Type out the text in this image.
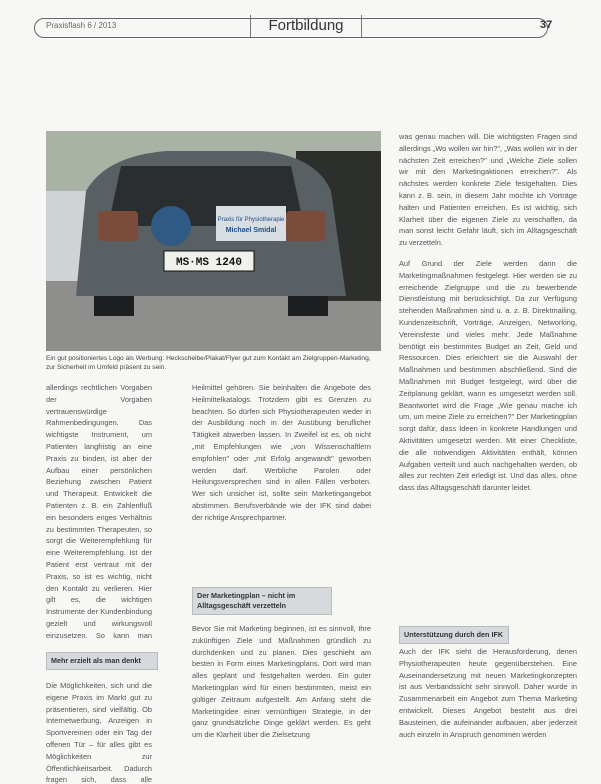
Praxisflash 6 / 2013	Fortbildung	37
Praxis für Physiotherapie
Michael Smidal
MS·MS 1240
Ein gut positioniertes Logo als Werbung: Heckscheibe/Plakat/Flyer gut zum Kontakt am Zielgruppen-Marketing, zur Sicherheit im Umfeld präsent zu sein.
allerdings rechtlichen Vorgaben der Vorgaben vertrauenswürdige Rahmenbedingungen. Das wichtigste Instrument, um Patienten langfristig an eine Praxis zu binden, ist aber der Aufbau einer persönlichen Beziehung zwischen Patient und Therapeut. Entwickelt die Patienten z. B. ein Zahlenfluß ein besonders enges Verhältnis zu bestimmten Therapeuten, so sorgt die Weiterempfehlung für eine Weiterempfehlung. Ist der Patient erst vertraut mit der Praxis, so ist es wichtig, nicht den Kontakt zu verlieren. Hier gilt es, die wichtigen Instrumente der Kundenbindung gezielt und wirkungsvoll einzusetzen. So kann man
Mehr erzielt als man denkt
Die Möglichkeiten, sich und die eigene Praxis im Markt gut zu präsentieren, sind vielfältig. Ob Internetwerbung, Anzeigen in Sportvereinen oder ein Tag der offenen Tür – für alles gibt es Möglichkeiten zur Öffentlichkeitsarbeit. Dadurch fragen sich, dass alle
Heilmittel gehören. Sie beinhalten die Angebote des Heilmittelkatalogs. Trotzdem gibt es Grenzen zu beachten. So dürfen sich Physiotherapeuten weder in der Ausbildung noch in der Ausübung beruflicher Tätigkeit abwerben lassen. In Zweifel ist es, ob nicht „mit Empfehlungen wie „von Wissenschaftlern empfohlen" oder „mit Erfolg angewandt" geworben werden darf. Werbliche Parolen oder Heilungsversprechen sind in allen Fällen verboten. Wer sich unsicher ist, sollte sein Marketingangebot abstimmen. Berufsverbände wie der IFK sind dabei der richtige Ansprechpartner.
Der Marketingplan – nicht im Alltagsgeschäft verzetteln
Bevor Sie mit Marketing beginnen, ist es sinnvoll, Ihre zukünftigen Ziele und Maßnahmen gründlich zu durchdenken und zu planen. Dies geschieht am besten in Form eines Marketingplans. Dort wird man alles geplant und festgehalten werden. Ein guter Marketingplan wird für einen bestimmten, meist ein gültiger Zeitraum aufgestellt. Am Anfang steht die Marketingidee einer vernünftigen Strategie, in der ganz grundsätzliche Dinge geklärt werden. Es geht um die Klarheit über die Zielsetzung
was genau machen will. Die wichtigsten Fragen sind allerdings „Wo wollen wir hin?", „Was wollen wir in der nächsten Zeit erreichen?" und „Welche Ziele sollen wir mit den Marketingaktionen erreichen?". Als nächstes werden konkrete Ziele festgehalten. Dies kann z. B. sein, in diesem Jahr möchte ich Vorträge halten und Patienten erreichen. Es ist wichtig, sich Klarheit über die eigenen Ziele zu verschaffen, da man sonst leicht Gefahr läuft, sich im Alltagsgeschäft zu verzetteln.
Auf Grund der Ziele werden dann die Marketingmaßnahmen festgelegt. Hier werden sie zu erreichende Zielgruppe und die zu bewerbende Dienstleistung mit berücksichtigt. Da zur Verfügung stehenden Maßnahmen sind u. a. z. B. Direktmailing, Kundenzeitschrift, Vorträge, Anzeigen, Networking, Vereinsfeste und vieles mehr. Jede Maßnahme benötigt ein bestimmtes Budget an Zeit, Geld und Ressourcen. Dies erleichtert sie die Auswahl der Maßnahmen und bestimmen abschließend. Sind die Maßnahmen mit Budget festgelegt, wird über die Zeitplanung geklärt, wann es umgesetzt werden soll. Beantwortet wird die Frage „Wie genau mache ich um, um meine Ziele zu erreichen?" Der Marketingplan sorgt dafür, dass Ideen in konkrete Handlungen und Aktivitäten umgesetzt werden. Mit einer Checkliste, die alle notwendigen Aktivitäten enthält, können Aufgaben verteilt und auch nachgehalten werden, ob alles zur rechten Zeit erledigt ist. Und das alles, ohne dass das Alltagsgeschäft darunter leidet.
Unterstützung durch den IFK
Auch der IFK sieht die Herausforderung, denen Physiotherapeuten heute gegenüberstehen. Eine Auseinandersetzung mit neuen Marketingkonzepten ist aus Verbandssicht sehr sinnvoll. Daher wurde in Zusammenarbeit ein Angebot zum Thema Marketing entwickelt. Dieses Angebot besteht aus drei Bausteinen, die aufeinander aufbauen, aber jederzeit auch einzeln in Anspruch genommen werden
